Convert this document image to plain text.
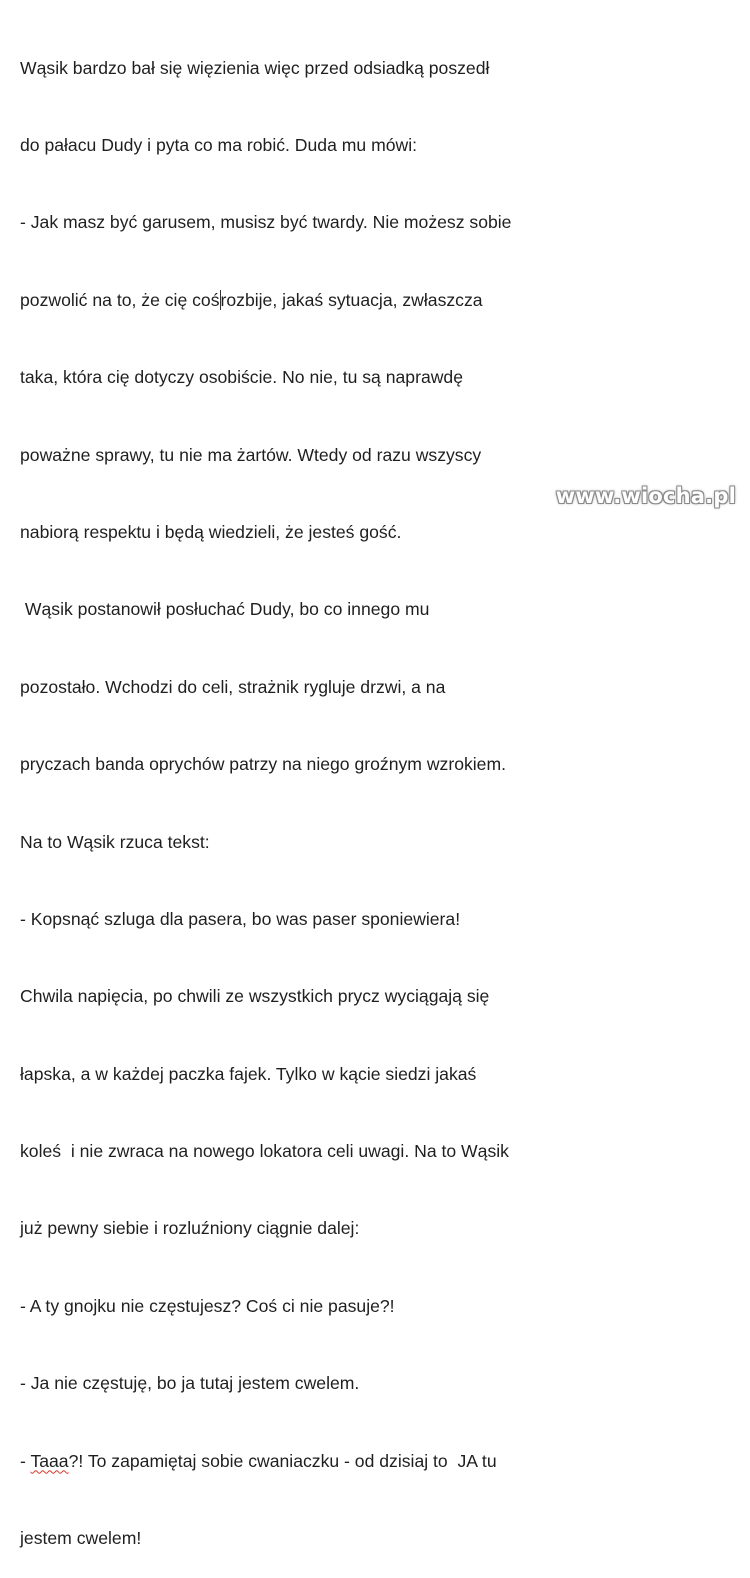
Wąsik bardzo bał się więzienia więc przed odsiadką poszedł

do pałacu Dudy i pyta co ma robić. Duda mu mówi:

- Jak masz być garusem, musisz być twardy. Nie możesz sobie

pozwolić na to, że cię cośrozbije, jakaś sytuacja, zwłaszcza

taka, która cię dotyczy osobiście. No nie, tu są naprawdę

poważne sprawy, tu nie ma żartów. Wtedy od razu wszyscy

nabiorą respektu i będą wiedzieli, że jesteś gość.

Wąsik postanowił posłuchać Dudy, bo co innego mu

pozostało. Wchodzi do celi, strażnik rygluje drzwi, a na

pryczach banda oprychów patrzy na niego groźnym wzrokiem.

Na to Wąsik rzuca tekst:

- Kopsnąć szluga dla pasera, bo was paser sponiewiera!

Chwila napięcia, po chwili ze wszystkich prycz wyciągają się

łapska, a w każdej paczka fajek. Tylko w kącie siedzi jakaś

koleś  i nie zwraca na nowego lokatora celi uwagi. Na to Wąsik

już pewny siebie i rozluźniony ciągnie dalej:

- A ty gnojku nie częstujesz? Coś ci nie pasuje?!

- Ja nie częstuję, bo ja tutaj jestem cwelem.

- Taaa?! To zapamiętaj sobie cwaniaczku - od dzisiaj to  JA tu

jestem cwelem!

www.wiocha.pl
